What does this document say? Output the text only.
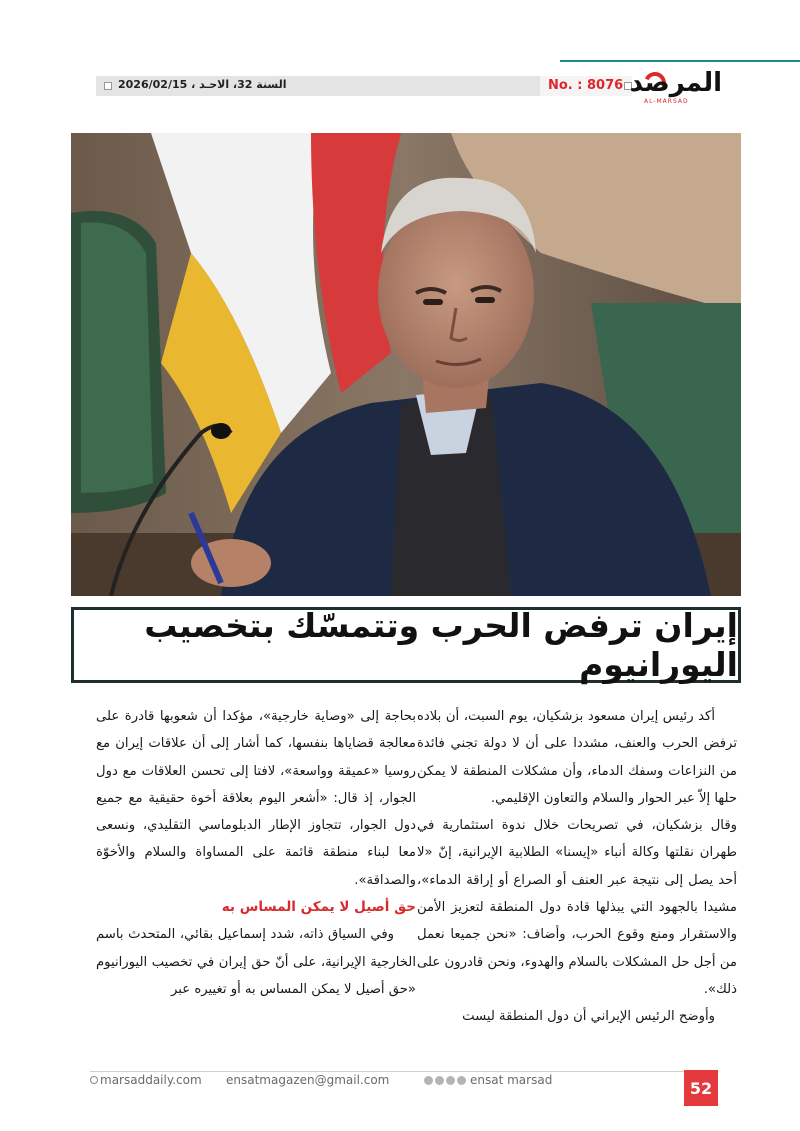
No. : 8076
السنة 32، الاحـد ، 2026/02/15	المرصد
AL-MARSAD
إيران ترفض الحرب وتتمسّك بتخصيب اليورانيوم

أكد رئيس إيران مسعود بزشكيان، يوم السبت، أن بلاده ترفض الحرب والعنف، مشددا على أن لا دولة تجني فائدة من النزاعات وسفك الدماء، وأن مشكلات المنطقة لا يمكن حلها إلاّ عبر الحوار والسلام والتعاون الإقليمي.

وقال بزشكيان، في تصريحات خلال ندوة استثمارية في طهران نقلتها وكالة أنباء «إيسنا» الطلابية الإيرانية، إنّ «لا أحد يصل إلى نتيجة عبر العنف أو الصراع أو إراقة الدماء»، مشيدا بالجهود التي يبذلها قادة دول المنطقة لتعزيز الأمن والاستقرار ومنع وقوع الحرب، وأضاف: «نحن جميعا نعمل من أجل حل المشكلات بالسلام والهدوء، ونحن قادرون على ذلك».

وأوضح الرئيس الإيراني أن دول المنطقة ليست

بحاجة إلى «وصاية خارجية»، مؤكدا أن شعوبها قادرة على معالجة قضاياها بنفسها، كما أشار إلى أن علاقات إيران مع روسيا «عميقة وواسعة»، لافتا إلى تحسن العلاقات مع دول الجوار، إذ قال: «أشعر اليوم بعلاقة أخوة حقيقية مع جميع دول الجوار، تتجاوز الإطار الدبلوماسي التقليدي، ونسعى معا لبناء منطقة قائمة على المساواة والسلام والأخوّة والصداقة».

حق أصيل لا يمكن المساس به

وفي السياق ذاته، شدد إسماعيل بقائي، المتحدث باسم الخارجية الإيرانية، على أنّ حق إيران في تخصيب اليورانيوم «حق أصيل لا يمكن المساس به أو تغييره عبر

marsaddaily.com ensatmagazen@gmail.com	ensat marsad	52
